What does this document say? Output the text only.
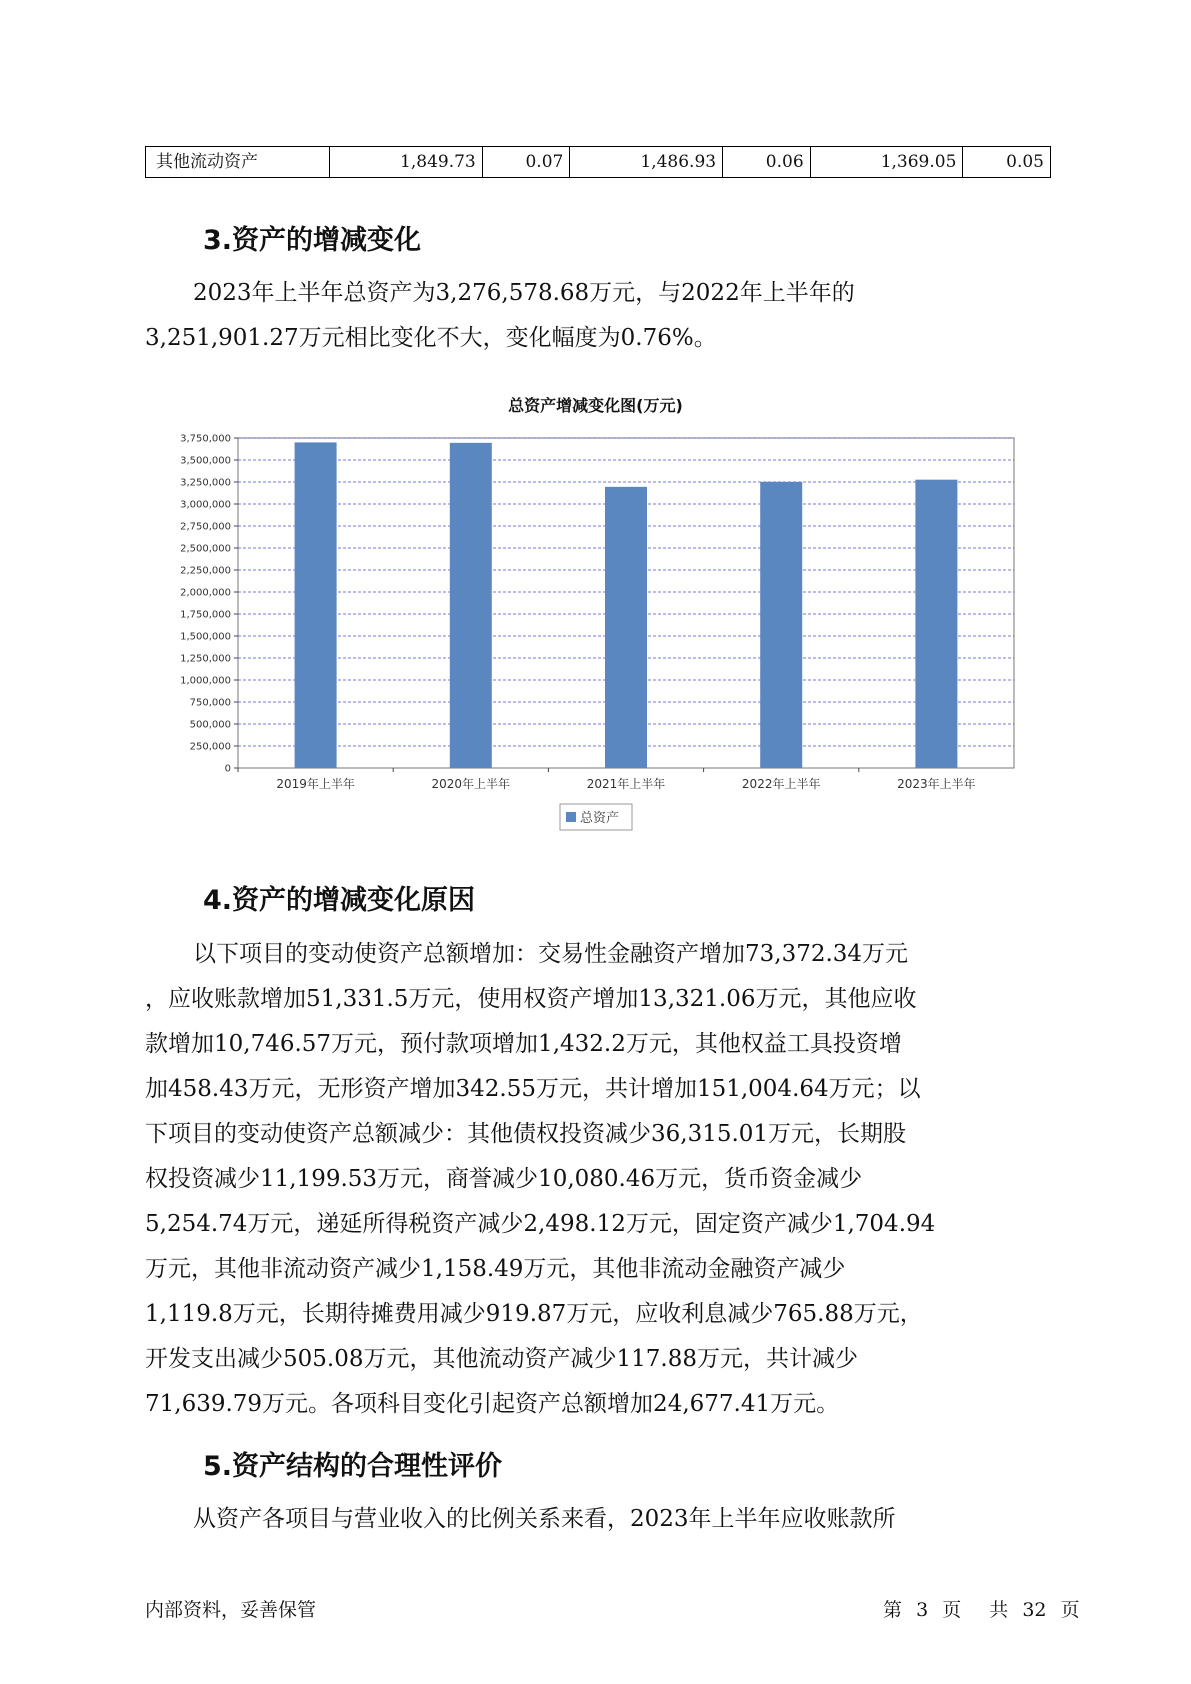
其他流动资产	1,849.73	0.07	1,486.93	0.06	1,369.05	0.05
3.资产的增减变化
2023年上半年总资产为3,276,578.68万元，与2022年上半年的
3,251,901.27万元相比变化不大，变化幅度为0.76%。
总资产增减变化图(万元)
0
250,000
500,000
750,000
1,000,000
1,250,000
1,500,000
1,750,000
2,000,000
2,250,000
2,500,000
2,750,000
3,000,000
3,250,000
3,500,000
3,750,000
2019年上半年	2020年上半年	2021年上半年	2022年上半年	2023年上半年
总资产
4.资产的增减变化原因
以下项目的变动使资产总额增加：交易性金融资产增加73,372.34万元
，应收账款增加51,331.5万元，使用权资产增加13,321.06万元，其他应收
款增加10,746.57万元，预付款项增加1,432.2万元，其他权益工具投资增
加458.43万元，无形资产增加342.55万元，共计增加151,004.64万元；以
下项目的变动使资产总额减少：其他债权投资减少36,315.01万元，长期股
权投资减少11,199.53万元，商誉减少10,080.46万元，货币资金减少
5,254.74万元，递延所得税资产减少2,498.12万元，固定资产减少1,704.94
万元，其他非流动资产减少1,158.49万元，其他非流动金融资产减少
1,119.8万元，长期待摊费用减少919.87万元，应收利息减少765.88万元，
开发支出减少505.08万元，其他流动资产减少117.88万元，共计减少
71,639.79万元。各项科目变化引起资产总额增加24,677.41万元。
5.资产结构的合理性评价
从资产各项目与营业收入的比例关系来看，2023年上半年应收账款所
内部资料，妥善保管	第 3 页 共 32 页
